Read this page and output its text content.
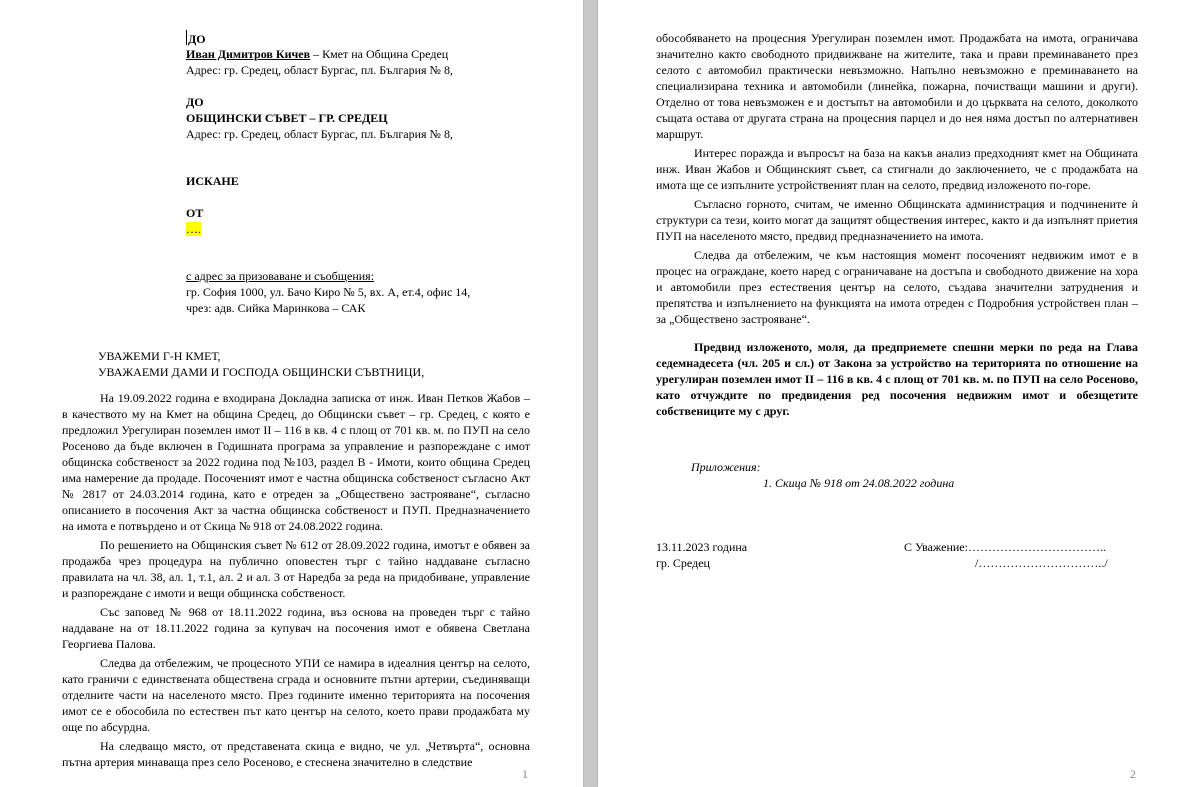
ДО
Иван Димитров Кичев – Кмет на Община Средец
Адрес: гр. Средец, област Бургас, пл. България № 8,
ДО
ОБЩИНСКИ СЪВЕТ – ГР. СРЕДЕЦ
Адрес: гр. Средец, област Бургас, пл. България № 8,
ИСКАНЕ
ОТ
….
с адрес за призоваване и съобщения:
гр. София 1000, ул. Бачо Киро № 5, вх. А, ет.4, офис 14,
чрез: адв. Сийка Маринкова – САК
УВАЖЕМИ Г-Н КМЕТ,
УВАЖАЕМИ ДАМИ И ГОСПОДА ОБЩИНСКИ СЪВТНИЦИ,

На 19.09.2022 година е входирана Докладна записка от инж. Иван Петков Жабов – в качеството му на Кмет на община Средец, до Общински съвет – гр. Средец, с която е предложил Урегулиран поземлен имот ІІ – 116 в кв. 4 с площ от 701 кв. м. по ПУП на село Росеново да бъде включен в Годишната програма за управление и разпореждане с имот общинска собственост за 2022 година под №103, раздел В - Имоти, които община Средец има намерение да продаде. Посоченият имот е частна общинска собственост съгласно Акт № 2817 от 24.03.2014 година, като е отреден за „Обществено застрояване“, съгласно описанието в посочения Акт за частна общинска собственост и ПУП. Предназначението на имота е потвърдено и от Скица № 918 от 24.08.2022 година.

По решението на Общинския съвет № 612 от 28.09.2022 година, имотът е обявен за продажба чрез процедура на публично оповестен търг с тайно наддаване съгласно правилата на чл. 38, ал. 1, т.1, ал. 2 и ал. 3 от Наредба за реда на придобиване, управление и разпореждане с имоти и вещи общинска собственост.

Със заповед № 968 от 18.11.2022 година, въз основа на проведен търг с тайно наддаване на от 18.11.2022 година за купувач на посочения имот е обявена Светлана Георгиева Палова.

Следва да отбележим, че процесното УПИ се намира в идеалния център на селото, като граничи с единствената обществена сграда и основните пътни артерии, съединяващи отделните части на населеното място. През годините именно територията на посочения имот се е обособила по естествен път като център на селото, което прави продажбата му още по абсурдна.

На следващо място, от представената скица е видно, че ул. „Четвърта“, основна пътна артерия минаваща през село Росеново, е стеснена значително в следствие

1

обособяването на процесния Урегулиран поземлен имот. Продажбата на имота, ограничава значително както свободното придвижване на жителите, така и прави преминаването през селото с автомобил практически невъзможно. Напълно невъзможно е преминаването на специализирана техника и автомобили (линейка, пожарна, почистващи машини и други). Отделно от това невъзможен е и достъпът на автомобили и до църквата на селото, доколкото същата остава от другата страна на процесния парцел и до нея няма достъп по алтернативен маршрут.

Интерес поражда и въпросът на база на какъв анализ предходният кмет на Общината инж. Иван Жабов и Общинският съвет, са стигнали до заключението, че с продажбата на имота ще се изпълните устройственият план на селото, предвид изложеното по-горе.

Съгласно горното, считам, че именно Общинската администрация и подчинените ѝ структури са тези, които могат да защитят обществения интерес, както и да изпълнят приетия ПУП на населеното място, предвид предназначението на имота.

Следва да отбележим, че към настоящия момент посоченият недвижим имот е в процес на ограждане, което наред с ограничаване на достъпа и свободното движение на хора и автомобили през естествения център на селото, създава значителни затруднения и препятства и изпълнението на функцията на имота отреден с Подробния устройствен план – за „Обществено застрояване“.

Предвид изложеното, моля, да предприемете спешни мерки по реда на Глава седемнадесета (чл. 205 и сл.) от Закона за устройство на територията по отношение на урегулиран поземлен имот ІІ – 116 в кв. 4 с площ от 701 кв. м. по ПУП на село Росеново, като отчуждите по предвидения ред посочения недвижим имот и обезщетите собствениците му с друг.

Приложения:
1. Скица № 918 от 24.08.2022 година
13.11.2023 година
гр. Средец
С Уважение:……………………………..
/…………………………../
2
